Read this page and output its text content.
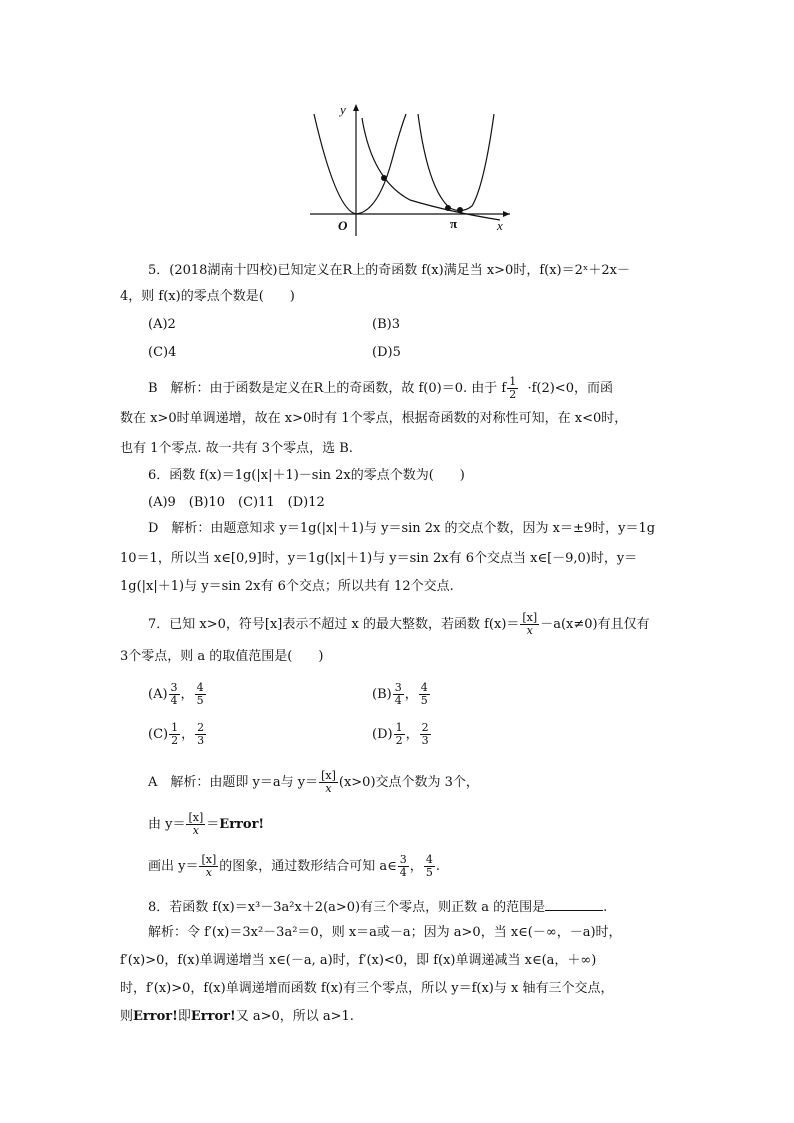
y
x
O	π
5．(2018湖南十四校)已知定义在R上的奇函数 f(x)满足当 x>0时，f(x)＝2ˣ＋2x－
4，则 f(x)的零点个数是(　　)
(A)2	(B)3
(C)4	(D)5
B　解析：由于函数是定义在R上的奇函数，故 f(0)＝0. 由于 f $\frac{1}{2} \cdot f(2)<0$，而函
数在 x>0时单调递增，故在 x>0时有 1个零点，根据奇函数的对称性可知，在 x<0时，
也有 1个零点. 故一共有 3个零点，选 B.
6．函数 f(x)＝1g(|x|＋1)－sin 2x的零点个数为(　　)
(A)9　(B)10　(C)11　(D)12
D　解析：由题意知求 y＝1g(|x|＋1)与 y＝sin 2x 的交点个数，因为 x＝±9时，y＝1g
10＝1，所以当 x∈[0,9]时，y＝1g(|x|＋1)与 y＝sin 2x有 6个交点当 x∈[－9,0)时，y＝
1g(|x|＋1)与 y＝sin 2x有 6个交点；所以共有 12个交点.
7．已知 x>0，符号[x]表示不超过 x 的最大整数，若函数 $f(x)= \frac{[x]}{x} -a(x\ne 0)$有且仅有
3个零点，则 a 的取值范围是(　　)
$(A) \frac{3}{4}$ ， $\frac{4}{5}$	$(B) \frac{3}{4}$ ， $\frac{4}{5}$
$(C) \frac{1}{2}$ ， $\frac{2}{3}$	$(D) \frac{1}{2}$ ， $\frac{2}{3}$
A　解析：由题即 y＝a与 $y= \frac{[x]}{x} (x>0)$交点个数为 3个，
由 $y= \frac{[x]}{x}$ ＝Error!
画出 $y= \frac{[x]}{x}$ 的图象，通过数形结合可知 a∈ $\frac{3}{4}$ ， $\frac{4}{5}$ .
8．若函数 f(x)＝x³－3a²x＋2(a>0)有三个零点，则正数 a 的范围是	.
解析：令 f′(x)＝3x²－3a²＝0，则 x＝a或－a；因为 a>0，当 x∈(－∞，－a)时，
f′(x)>0，f(x)单调递增当 x∈(－a, a)时，f′(x)<0，即 f(x)单调递减当 x∈(a，＋∞)
时，f′(x)>0，f(x)单调递增而函数 f(x)有三个零点，所以 y＝f(x)与 x 轴有三个交点，
则Error!即Error!又 a>0，所以 a>1.
